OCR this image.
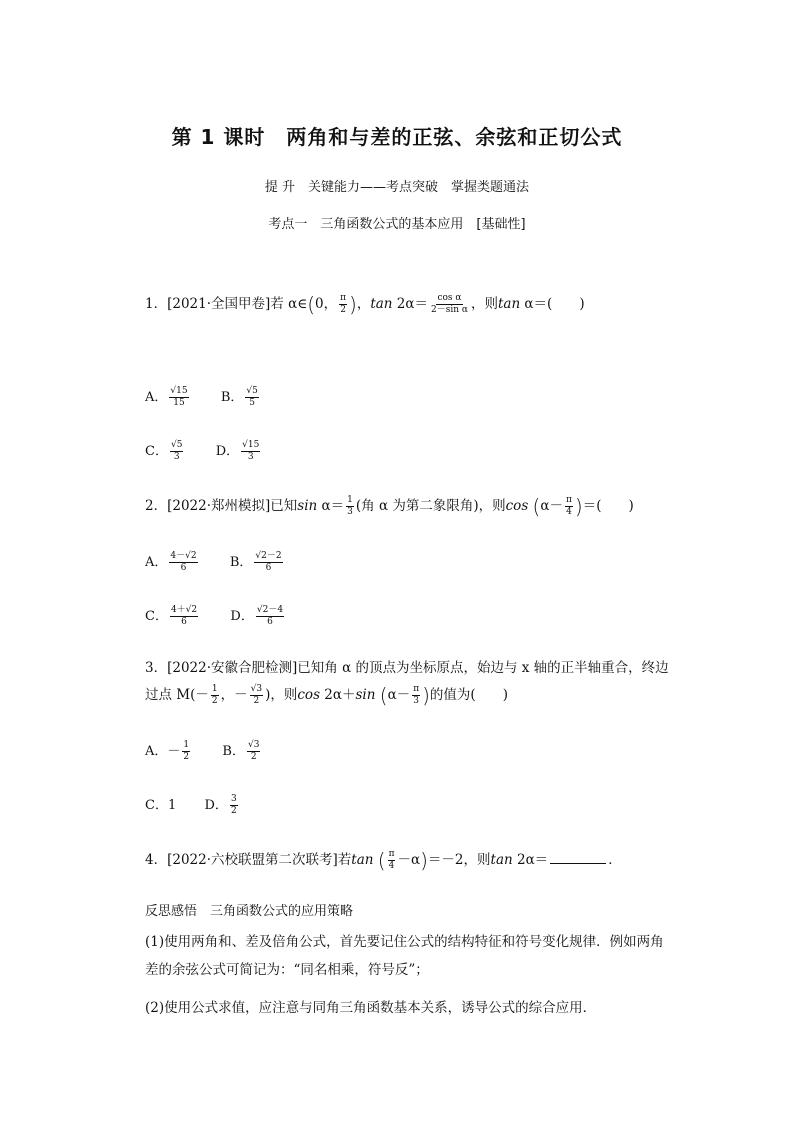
第 1 课时　两角和与差的正弦、余弦和正切公式
提 升　关键能力——考点突破　掌握类题通法
考点一　三角函数公式的基本应用　[基础性]
1．[2021·全国甲卷]若 α∈(0， $\frac{\pi}{2}$ )，$\tan 2\alpha= \frac{\text{cos α}}{\text{2－sin α}}$ ，则tan α＝(　　)
A． $\frac{√15}{15}$ B． $\frac{√5}{5}$
C． $\frac{√5}{3}$ D． $\frac{√15}{3}$
2．[2022·郑州模拟]已知$\sin \alpha= \frac{1}{3}$ (角 α 为第二象限角)，则$\cos (\alpha- \frac{\pi}{4}$ )＝(　　)
A． $\frac{4-√2}{6}$ B． $\frac{√2-2}{6}$
C． $\frac{4+√2}{6}$ D． $\frac{√2-4}{6}$
3．[2022·安徽合肥检测]已知角 α 的顶点为坐标原点，始边与 x 轴的正半轴重合，终边
过点 $M(- \frac{1}{2}$ ，－ $\frac{√3}{2}$ )，则cos 2α＋sin ($\alpha- \frac{\pi}{3}$ )的值为(　　)
A．－ $\frac{1}{2}$ B． $\frac{√3}{2}$
C．1 D． $\frac{3}{2}$
4．[2022·六校联盟第二次联考]若tan ( $\frac{\pi}{4} -\alpha)=-2$，则tan 2α＝	．
反思感悟　三角函数公式的应用策略
(1)使用两角和、差及倍角公式，首先要记住公式的结构特征和符号变化规律．例如两角差的余弦公式可简记为：“同名相乘，符号反”；
(2)使用公式求值，应注意与同角三角函数基本关系，诱导公式的综合应用．
